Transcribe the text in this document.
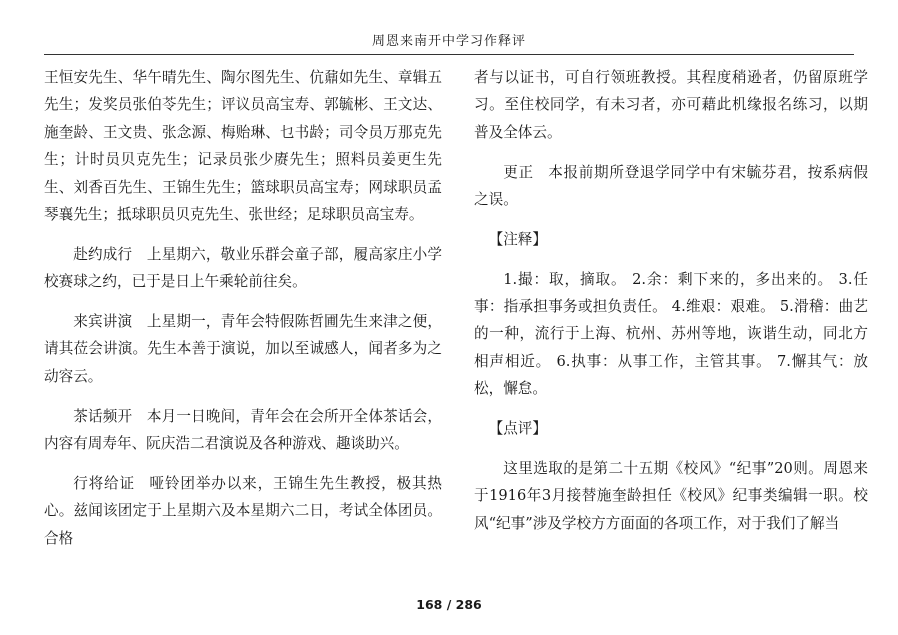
周恩来南开中学习作释评

王恒安先生、华午晴先生、陶尔图先生、伉鼐如先生、章辑五先生；发奖员张伯苓先生；评议员高宝寿、郭毓彬、王文达、施奎龄、王文贵、张念源、梅贻琳、乜书龄；司令员万那克先生；计时员贝克先生；记录员张少赓先生；照料员姜更生先生、刘香百先生、王锦生先生；篮球职员高宝寿；网球职员孟琴襄先生；抵球职员贝克先生、张世经；足球职员高宝寿。

赴约成行 上星期六，敬业乐群会童子部，履高家庄小学校赛球之约，已于是日上午乘轮前往矣。

来宾讲演 上星期一，青年会特假陈哲圃先生来津之便，请其莅会讲演。先生本善于演说，加以至诚感人，闻者多为之动容云。

茶话频开 本月一日晚间，青年会在会所开全体茶话会，内容有周寿年、阮庆浩二君演说及各种游戏、趣谈助兴。

行将给证 哑铃团举办以来，王锦生先生教授，极其热心。兹闻该团定于上星期六及本星期六二日，考试全体团员。合格

者与以证书，可自行领班教授。其程度稍逊者，仍留原班学习。至住校同学，有未习者，亦可藉此机缘报名练习，以期普及全体云。

更正 本报前期所登退学同学中有宋毓芬君，按系病假之误。

【注释】

1.撮：取，摘取。 2.余：剩下来的，多出来的。 3.任事：指承担事务或担负责任。 4.维艰：艰难。 5.滑稽：曲艺的一种，流行于上海、杭州、苏州等地，诙谐生动，同北方相声相近。 6.执事：从事工作，主管其事。 7.懈其气：放松，懈怠。

【点评】

这里选取的是第二十五期《校风》“纪事”20则。周恩来于1916年3月接替施奎龄担任《校风》纪事类编辑一职。校风“纪事”涉及学校方方面面的各项工作，对于我们了解当

168 / 286
